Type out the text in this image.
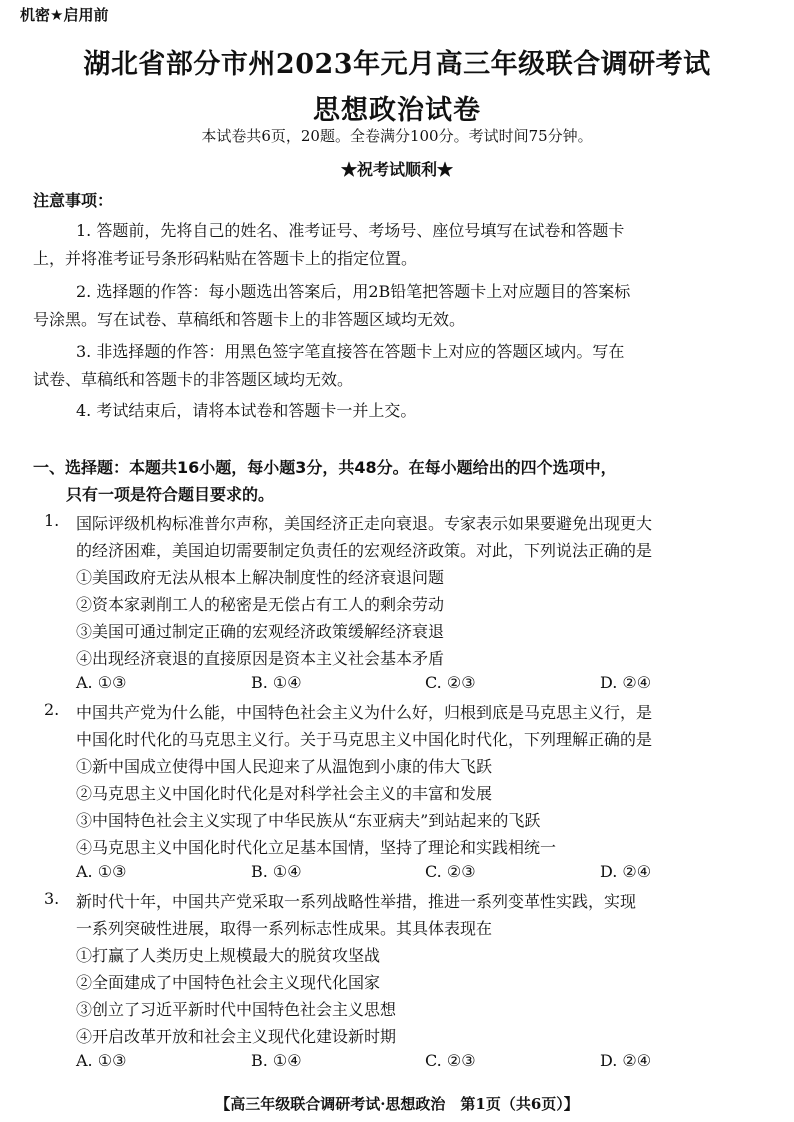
机密★启用前
湖北省部分市州2023年元月高三年级联合调研考试
思想政治试卷
本试卷共6页，20题。全卷满分100分。考试时间75分钟。
★祝考试顺利★
注意事项：
1. 答题前，先将自己的姓名、准考证号、考场号、座位号填写在试卷和答题卡
上，并将准考证号条形码粘贴在答题卡上的指定位置。
2. 选择题的作答：每小题选出答案后，用2B铅笔把答题卡上对应题目的答案标
号涂黑。写在试卷、草稿纸和答题卡上的非答题区域均无效。
3. 非选择题的作答：用黑色签字笔直接答在答题卡上对应的答题区域内。写在
试卷、草稿纸和答题卡的非答题区域均无效。
4. 考试结束后，请将本试卷和答题卡一并上交。
一、选择题：本题共16小题，每小题3分，共48分。在每小题给出的四个选项中，
只有一项是符合题目要求的。
1. 国际评级机构标准普尔声称，美国经济正走向衰退。专家表示如果要避免出现更大
的经济困难，美国迫切需要制定负责任的宏观经济政策。对此，下列说法正确的是
①美国政府无法从根本上解决制度性的经济衰退问题
②资本家剥削工人的秘密是无偿占有工人的剩余劳动
③美国可通过制定正确的宏观经济政策缓解经济衰退
④出现经济衰退的直接原因是资本主义社会基本矛盾
A. ①③	B. ①④	C. ②③	D. ②④
2. 中国共产党为什么能，中国特色社会主义为什么好，归根到底是马克思主义行，是
中国化时代化的马克思主义行。关于马克思主义中国化时代化，下列理解正确的是
①新中国成立使得中国人民迎来了从温饱到小康的伟大飞跃
②马克思主义中国化时代化是对科学社会主义的丰富和发展
③中国特色社会主义实现了中华民族从“东亚病夫”到站起来的飞跃
④马克思主义中国化时代化立足基本国情，坚持了理论和实践相统一
A. ①③	B. ①④	C. ②③	D. ②④
3. 新时代十年，中国共产党采取一系列战略性举措，推进一系列变革性实践，实现
一系列突破性进展，取得一系列标志性成果。其具体表现在
①打赢了人类历史上规模最大的脱贫攻坚战
②全面建成了中国特色社会主义现代化国家
③创立了习近平新时代中国特色社会主义思想
④开启改革开放和社会主义现代化建设新时期
A. ①③	B. ①④	C. ②③	D. ②④
【高三年级联合调研考试·思想政治　第1页（共6页）】
